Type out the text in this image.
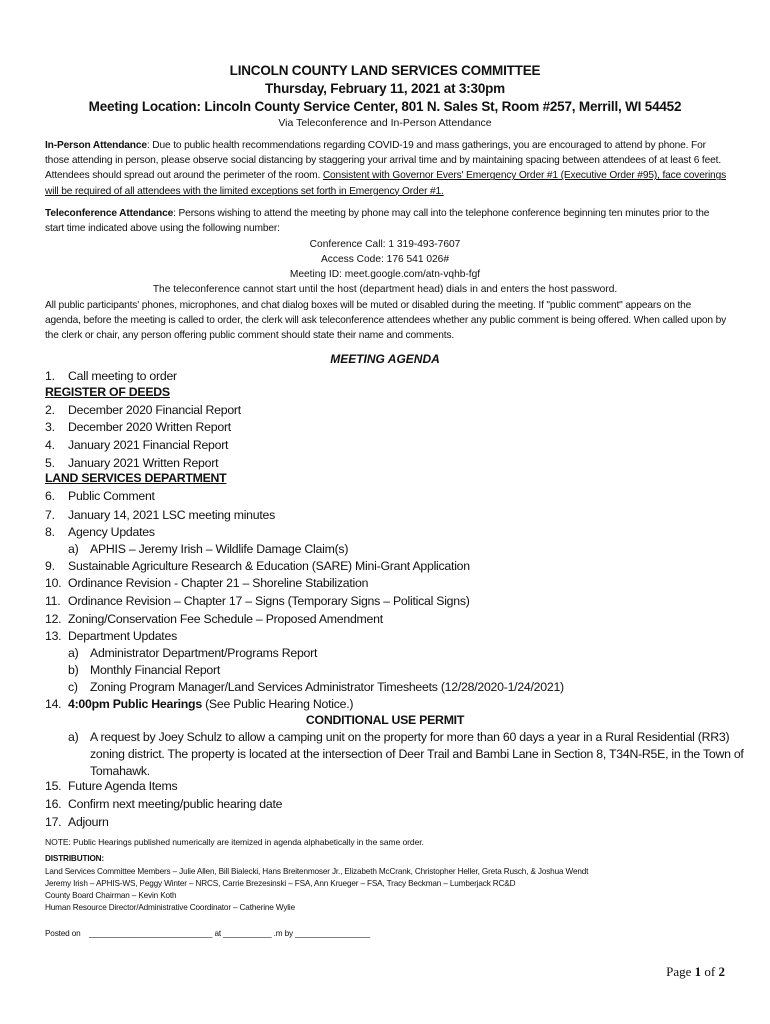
LINCOLN COUNTY LAND SERVICES COMMITTEE
Thursday, February 11, 2021 at 3:30pm
Meeting Location: Lincoln County Service Center, 801 N. Sales St, Room #257, Merrill, WI 54452
Via Teleconference and In-Person Attendance
In-Person Attendance: Due to public health recommendations regarding COVID-19 and mass gatherings, you are encouraged to attend by phone. For those attending in person, please observe social distancing by staggering your arrival time and by maintaining spacing between attendees of at least 6 feet. Attendees should spread out around the perimeter of the room. Consistent with Governor Evers' Emergency Order #1 (Executive Order #95), face coverings will be required of all attendees with the limited exceptions set forth in Emergency Order #1.
Teleconference Attendance: Persons wishing to attend the meeting by phone may call into the telephone conference beginning ten minutes prior to the start time indicated above using the following number:
Conference Call: 1 319-493-7607
Access Code: 176 541 026#
Meeting ID: meet.google.com/atn-vqhb-fgf
The teleconference cannot start until the host (department head) dials in and enters the host password.
All public participants' phones, microphones, and chat dialog boxes will be muted or disabled during the meeting. If "public comment" appears on the agenda, before the meeting is called to order, the clerk will ask teleconference attendees whether any public comment is being offered. When called upon by the clerk or chair, any person offering public comment should state their name and comments.
MEETING AGENDA
1. Call meeting to order
REGISTER OF DEEDS
2. December 2020 Financial Report
3. December 2020 Written Report
4. January 2021 Financial Report
5. January 2021 Written Report
LAND SERVICES DEPARTMENT
6. Public Comment
7. January 14, 2021 LSC meeting minutes
8. Agency Updates
a) APHIS – Jeremy Irish – Wildlife Damage Claim(s)
9. Sustainable Agriculture Research & Education (SARE) Mini-Grant Application
10. Ordinance Revision - Chapter 21 – Shoreline Stabilization
11. Ordinance Revision – Chapter 17 – Signs (Temporary Signs – Political Signs)
12. Zoning/Conservation Fee Schedule – Proposed Amendment
13. Department Updates
a) Administrator Department/Programs Report
b) Monthly Financial Report
c) Zoning Program Manager/Land Services Administrator Timesheets (12/28/2020-1/24/2021)
14. 4:00pm Public Hearings (See Public Hearing Notice.)
CONDITIONAL USE PERMIT
a) A request by Joey Schulz to allow a camping unit on the property for more than 60 days a year in a Rural Residential (RR3)
zoning district. The property is located at the intersection of Deer Trail and Bambi Lane in Section 8, T34N-R5E, in the Town of
Tomahawk.
15. Future Agenda Items
16. Confirm next meeting/public hearing date
17. Adjourn
NOTE: Public Hearings published numerically are itemized in agenda alphabetically in the same order.
DISTRIBUTION:
Land Services Committee Members – Julie Allen, Bill Bialecki, Hans Breitenmoser Jr., Elizabeth McCrank, Christopher Heller, Greta Rusch, & Joshua Wendt
Jeremy Irish – APHIS-WS, Peggy Winter – NRCS, Carrie Brezesinski – FSA, Ann Krueger – FSA, Tracy Beckman – Lumberjack RC&D
County Board Chairman – Kevin Koth
Human Resource Director/Administrative Coordinator – Catherine Wylie
Posted on    ____________________________ at ___________ .m by _________________
Page 1 of 2
